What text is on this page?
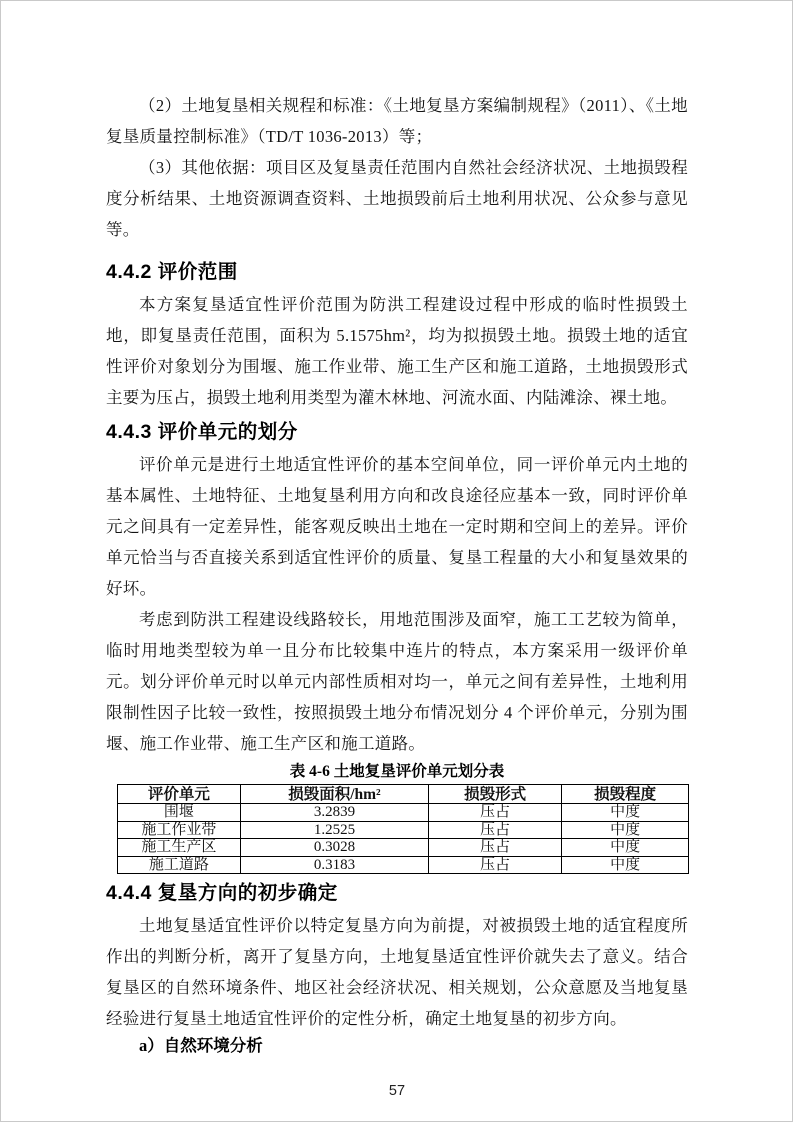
（2）土地复垦相关规程和标准：《土地复垦方案编制规程》（2011）、《土地复垦质量控制标准》（TD/T 1036-2013）等；

（3）其他依据：项目区及复垦责任范围内自然社会经济状况、土地损毁程度分析结果、土地资源调查资料、土地损毁前后土地利用状况、公众参与意见等。

4.4.2 评价范围

本方案复垦适宜性评价范围为防洪工程建设过程中形成的临时性损毁土地，即复垦责任范围，面积为 5.1575hm²，均为拟损毁土地。损毁土地的适宜性评价对象划分为围堰、施工作业带、施工生产区和施工道路，土地损毁形式主要为压占，损毁土地利用类型为灌木林地、河流水面、内陆滩涂、裸土地。

4.4.3 评价单元的划分

评价单元是进行土地适宜性评价的基本空间单位，同一评价单元内土地的基本属性、土地特征、土地复垦利用方向和改良途径应基本一致，同时评价单元之间具有一定差异性，能客观反映出土地在一定时期和空间上的差异。评价单元恰当与否直接关系到适宜性评价的质量、复垦工程量的大小和复垦效果的好坏。

考虑到防洪工程建设线路较长，用地范围涉及面窄，施工工艺较为简单，临时用地类型较为单一且分布比较集中连片的特点，本方案采用一级评价单元。划分评价单元时以单元内部性质相对均一，单元之间有差异性，土地利用限制性因子比较一致性，按照损毁土地分布情况划分 4 个评价单元，分别为围堰、施工作业带、施工生产区和施工道路。

表 4-6 土地复垦评价单元划分表

评价单元	损毁面积/hm²	损毁形式	损毁程度
围堰	3.2839	压占	中度
施工作业带	1.2525	压占	中度
施工生产区	0.3028	压占	中度
施工道路	0.3183	压占	中度
4.4.4 复垦方向的初步确定

土地复垦适宜性评价以特定复垦方向为前提，对被损毁土地的适宜程度所作出的判断分析，离开了复垦方向，土地复垦适宜性评价就失去了意义。结合复垦区的自然环境条件、地区社会经济状况、相关规划，公众意愿及当地复垦经验进行复垦土地适宜性评价的定性分析，确定土地复垦的初步方向。

a）自然环境分析

57
